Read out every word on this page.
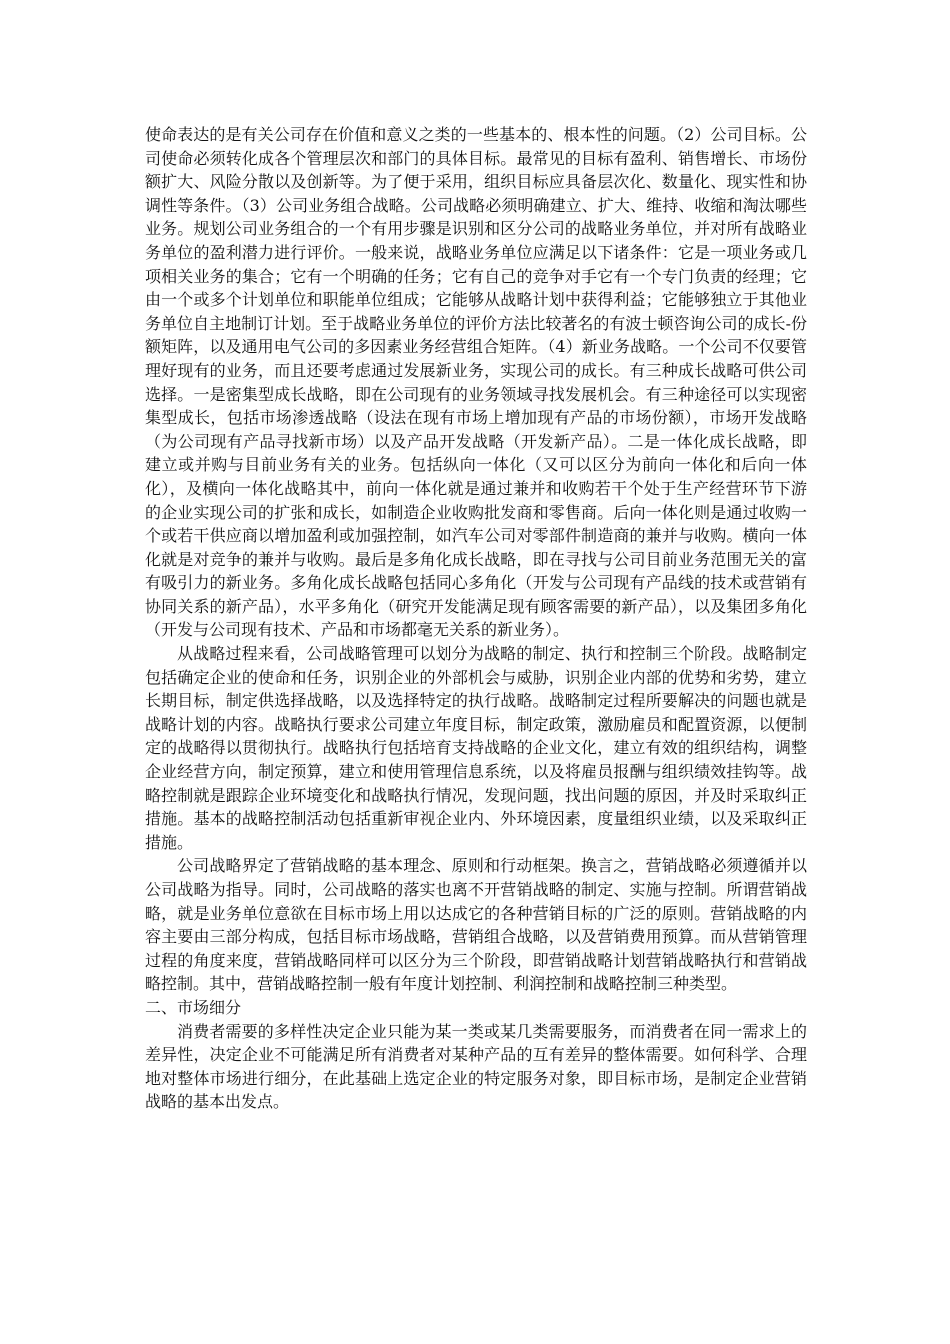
使命表达的是有关公司存在价值和意义之类的一些基本的、根本性的问题。（2）公司目标。公司使命必须转化成各个管理层次和部门的具体目标。最常见的目标有盈利、销售增长、市场份额扩大、风险分散以及创新等。为了便于采用，组织目标应具备层次化、数量化、现实性和协调性等条件。（3）公司业务组合战略。公司战略必须明确建立、扩大、维持、收缩和淘汰哪些业务。规划公司业务组合的一个有用步骤是识别和区分公司的战略业务单位，并对所有战略业务单位的盈利潜力进行评价。一般来说，战略业务单位应满足以下诸条件：它是一项业务或几项相关业务的集合；它有一个明确的任务；它有自己的竞争对手它有一个专门负责的经理；它由一个或多个计划单位和职能单位组成；它能够从战略计划中获得利益；它能够独立于其他业务单位自主地制订计划。至于战略业务单位的评价方法比较著名的有波士顿咨询公司的成长-份额矩阵，以及通用电气公司的多因素业务经营组合矩阵。（4）新业务战略。一个公司不仅要管理好现有的业务，而且还要考虑通过发展新业务，实现公司的成长。有三种成长战略可供公司选择。一是密集型成长战略，即在公司现有的业务领域寻找发展机会。有三种途径可以实现密集型成长，包括市场渗透战略（设法在现有市场上增加现有产品的市场份额），市场开发战略（为公司现有产品寻找新市场）以及产品开发战略（开发新产品）。二是一体化成长战略，即建立或并购与目前业务有关的业务。包括纵向一体化（又可以区分为前向一体化和后向一体化），及横向一体化战略其中，前向一体化就是通过兼并和收购若干个处于生产经营环节下游的企业实现公司的扩张和成长，如制造企业收购批发商和零售商。后向一体化则是通过收购一个或若干供应商以增加盈利或加强控制，如汽车公司对零部件制造商的兼并与收购。横向一体化就是对竞争的兼并与收购。最后是多角化成长战略，即在寻找与公司目前业务范围无关的富有吸引力的新业务。多角化成长战略包括同心多角化（开发与公司现有产品线的技术或营销有协同关系的新产品），水平多角化（研究开发能满足现有顾客需要的新产品），以及集团多角化（开发与公司现有技术、产品和市场都毫无关系的新业务）。

从战略过程来看，公司战略管理可以划分为战略的制定、执行和控制三个阶段。战略制定包括确定企业的使命和任务，识别企业的外部机会与威胁，识别企业内部的优势和劣势，建立长期目标，制定供选择战略，以及选择特定的执行战略。战略制定过程所要解决的问题也就是战略计划的内容。战略执行要求公司建立年度目标，制定政策，激励雇员和配置资源，以便制定的战略得以贯彻执行。战略执行包括培育支持战略的企业文化，建立有效的组织结构，调整企业经营方向，制定预算，建立和使用管理信息系统，以及将雇员报酬与组织绩效挂钩等。战略控制就是跟踪企业环境变化和战略执行情况，发现问题，找出问题的原因，并及时采取纠正措施。基本的战略控制活动包括重新审视企业内、外环境因素，度量组织业绩，以及采取纠正措施。

公司战略界定了营销战略的基本理念、原则和行动框架。换言之，营销战略必须遵循并以公司战略为指导。同时，公司战略的落实也离不开营销战略的制定、实施与控制。所谓营销战略，就是业务单位意欲在目标市场上用以达成它的各种营销目标的广泛的原则。营销战略的内容主要由三部分构成，包括目标市场战略，营销组合战略，以及营销费用预算。而从营销管理过程的角度来度，营销战略同样可以区分为三个阶段，即营销战略计划营销战略执行和营销战略控制。其中，营销战略控制一般有年度计划控制、利润控制和战略控制三种类型。

二、市场细分

消费者需要的多样性决定企业只能为某一类或某几类需要服务，而消费者在同一需求上的差异性，决定企业不可能满足所有消费者对某种产品的互有差异的整体需要。如何科学、合理地对整体市场进行细分，在此基础上选定企业的特定服务对象，即目标市场，是制定企业营销战略的基本出发点。
